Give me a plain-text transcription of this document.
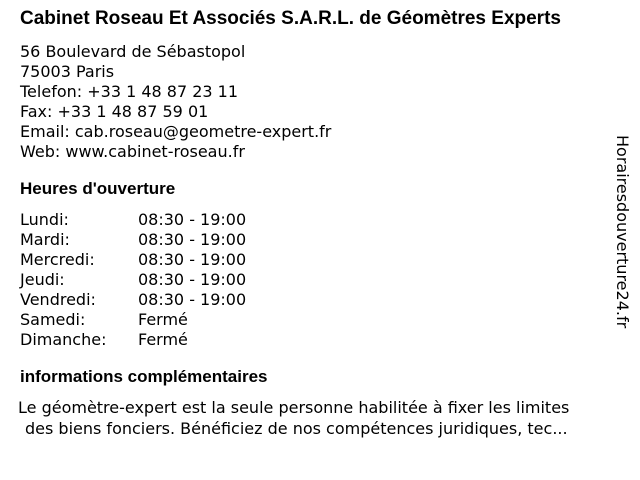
Cabinet Roseau Et Associés S.A.R.L. de Géomètres Experts
56 Boulevard de Sébastopol
75003 Paris
Telefon: +33 1 48 87 23 11
Fax: +33 1 48 87 59 01
Email: cab.roseau@geometre-expert.fr
Web: www.cabinet-roseau.fr
Heures d'ouverture
Lundi:	08:30 - 19:00
Mardi:	08:30 - 19:00
Mercredi:	08:30 - 19:00
Jeudi:	08:30 - 19:00
Vendredi:	08:30 - 19:00
Samedi:	Fermé
Dimanche:	Fermé
informations complémentaires
Le géomètre-expert est la seule personne habilitée à fixer les limites
des biens fonciers. Bénéficiez de nos compétences juridiques, tec...
Horairesdouverture24.fr
